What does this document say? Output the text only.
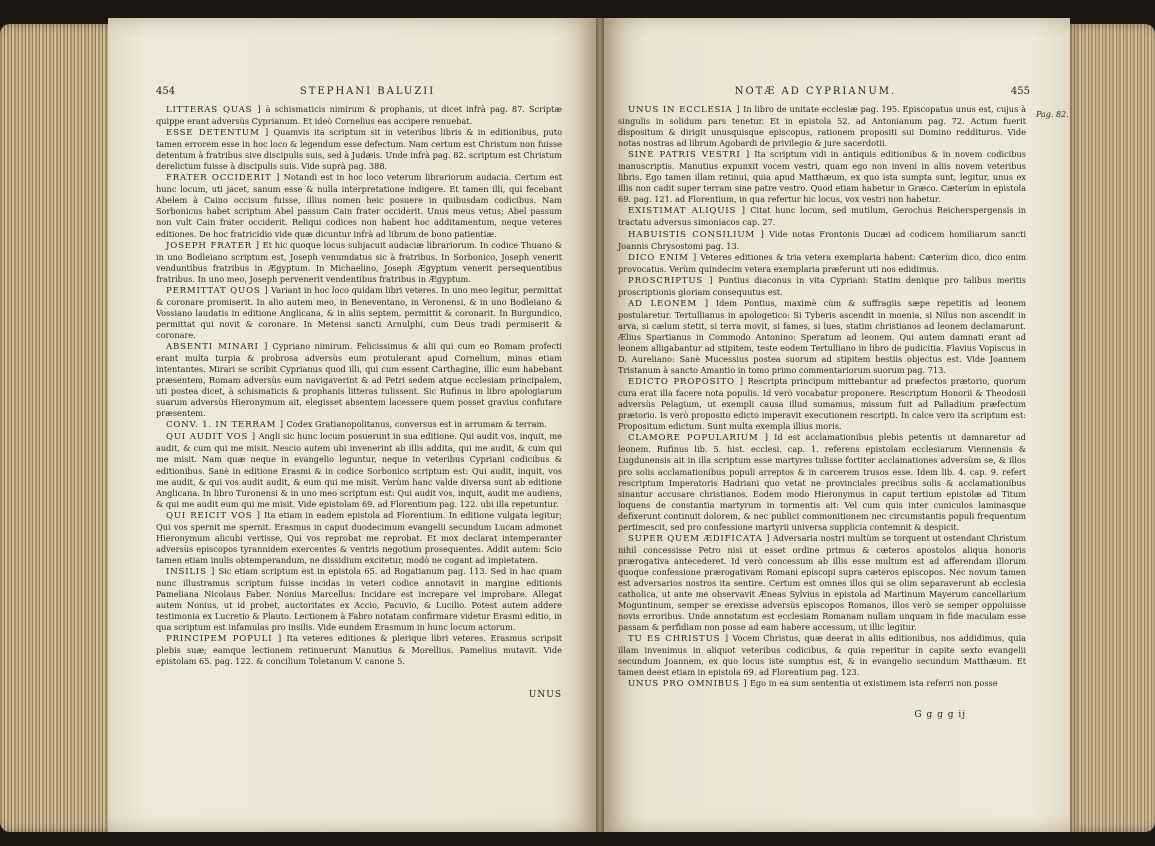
454	STEPHANI BALUZII

LITTERAS QUAS ] à schismaticis nimirum & prophanis, ut dicet infrà pag. 87. Scriptæ quippe erant adversùs Cyprianum. Et ideò Cornelius eas accipere renuebat.

ESSE DETENTUM ] Quamvis ita scriptum sit in veteribus libris & in editionibus, puto tamen errorem esse in hoc loco & legendum esse defectum. Nam certum est Christum non fuisse detentum à fratribus sive discipulis suis, sed à Judæis. Unde infrà pag. 82. scriptum est Christum derelictum fuisse à discipulis suis. Vide suprà pag. 388.

FRATER OCCIDERIT ] Notandi est in hoc loco veterum librariorum audacia. Certum est hunc locum, uti jacet, sanum esse & nulla interpretatione indigere. Et tamen illi, qui fecebant Abelem à Caino occisum fuisse, illius nomen heic posuere in quibusdam codicibus. Nam Sorbonicus habet scriptum Abel passum Cain frater occiderit. Unus meus vetus; Abel passum non vult Cain frater occiderit. Reliqui codices non habent hoc additamentum, neque veteres editiones. De hoc fratricidio vide quæ dicuntur infrà ad librum de bono patientiæ.

JOSEPH FRATER ] Et hic quoque locus subjacuit audaciæ librariorum. In codice Thuano & in uno Bodleiano scriptum est, Joseph venumdatus sic à fratribus. In Sorbonico, Joseph venerit venduntibus fratribus in Ægyptum. In Michaelino, Joseph Ægyptum venerit persequentibus fratribus. In uno meo, Joseph pervenerit vendentibus fratribus in Ægyptum.

PERMITTAT QUOS ] Variant in hoc loco quidam libri veteres. In uno meo legitur, permittat & coronare promiserit. In alio autem meo, in Beneventano, in Veronensi, & in uno Bodleiano & Vossiano laudatis in editione Anglicana, & in aliis septem, permittit & coronarit. In Burgundico, permittat qui novit & coronare. In Metensi sancti Arnulphi, cum Deus tradi permiserit & coronare.

ABSENTI MINARI ] Cypriano nimirum. Felicissimus & alii qui cum eo Romam profecti erant multa turpia & probrosa adversùs eum protulerant apud Cornelium, minas etiam intentantes. Mirari se scribit Cyprianus quod illi, qui cum essent Carthagine, illic eum habebant præsentem, Romam adversùs eum navigaverint & ad Petri sedem atque ecclesiam principalem, uti postea dicet, à schismaticis & prophanis litteras tulissent. Sic Rufinus in libro apologiarum suarum adversùs Hieronymum ait, elegisset absentem lacessere quem posset gravius confutare præsentem.

CONV. 1. IN TERRAM ] Codex Gratianopolitanus, conversus est in arrumam & terram.

QUI AUDIT VOS ] Angli sic hunc locum posuerunt in sua editione. Qui audit vos, inquit, me audit, & cum qui me misit. Nescio autem ubi invenerint ab illis addita, qui me audit, & cum qui me misit. Nam quæ neque in evangelio leguntur, neque in veteribus Cypriani codicibus & editionibus. Sanè in editione Erasmi & in codice Sorbonico scriptum est: Qui audit, inquit, vos me audit, & qui vos audit audit, & eum qui me misit. Verùm hanc valde diversa sunt ab editione Anglicana. In libro Turonensi & in uno meo scriptum est: Qui audit vos, inquit, audit me audiens, & qui me audit eum qui me misit. Vide epistolam 69. ad Florentium pag. 122. ubi illa repetuntur.

QUI REICIT VOS ] Ita etiam in eadem epistola ad Florentium. In editione vulgata legitur; Qui vos spernit me spernit. Erasmus in caput duodecimum evangelii secundum Lucam admonet Hieronymum alicubi vertisse, Qui vos reprobat me reprobat. Et mox declarat intemperanter adversùs episcopos tyrannidem exercentes & ventris negotium prosequentes. Addit autem: Scio tamen etiam inulis obtemperandum, ne dissidium excitetur, modò ne cogant ad impietatem.

INSILIS ] Sic etiam scriptum est in epistola 65. ad Rogatianum pag. 113. Sed in hac quam nunc illustramus scriptum fuisse incidas in veteri codice annotavit in margine editionis Pameliana Nicolaus Faber. Nonius Marcellus: Incidare est increpare vel improbare. Allegat autem Nonius, ut id probet, auctoritates ex Accio, Pacuvio, & Lucilio. Potest autem addere testimonia ex Lucretio & Plauto. Lectionem à Fabro notatam confirmare videtur Erasmi editio, in qua scriptum est infamulas pro insilis. Vide eundem Erasmum in hunc locum actorum.

PRINCIPEM POPULI ] Ita veteres editiones & plerique libri veteres. Erasmus scripsit plebis suæ; eamque lectionem retinuerunt Manutius & Morellius. Pamelius mutavit. Vide epistolam 65. pag. 122. & concilium Toletanum V. canone 5.

UNUS
NOTÆ AD CYPRIANUM.	455
Pag. 82.

UNUS IN ECCLESIA ] In libro de unitate ecclesiæ pag. 195. Episcopatus unus est, cujus à singulis in solidum pars tenetur. Et in epistola 52. ad Antonianum pag. 72. Actum fuerit dispositum & dirigit unusquisque episcopus, rationem propositi sui Domino redditurus. Vide notas nostras ad librum Agobardi de privilegio & jure sacerdotii.

SINE PATRIS VESTRI ] Ita scriptum vidi in antiquis editionibus & in novem codicibus manuscriptis. Manutius expunxit vocem vestri, quam ego non inveni in aliis novem veteribus libris. Ego tamen illam retinui, quia apud Matthæum, ex quo ista sumpta sunt, legitur, unus ex illis non cadit super terram sine patre vestro. Quod etiam habetur in Græco. Cæterùm in epistola 69. pag. 121. ad Florentium, in qua refertur hic locus, vox vestri non habetur.

EXISTIMAT ALIQUIS ] Citat hunc locum, sed mutilum, Gerochus Reicherspergensis in tractatu adversus simoniacos cap. 27.

HABUISTIS CONSILIUM ] Vide notas Frontonis Ducæi ad codicem homiliarum sancti Joannis Chrysostomi pag. 13.

DICO ENIM ] Veteres editiones & tria vetera exemplaria habent: Cæterùm dico, dico enim provocatus. Verùm quindecim vetera exemplaria præferunt uti nos edidimus.

PROSCRIPTUS ] Pontius diaconus in vita Cypriani: Statim denique pro talibus meritis proscriptionis gloriam consequutus est.

AD LEONEM ] Idem Pontius, maximè cùm & suffragiis sæpe repetitis ad leonem postularetur. Tertullianus in apologetico: Si Tyberis ascendit in moenia, si Nilus non ascendit in arva, si cælum stetit, si terra movit, si fames, si lues, statim christianos ad leonem declamarunt. Ælius Spartianus in Commodo Antonino: Speratum ad leonem. Qui autem damnati erant ad leonem alligabantur ad stipitem, teste eodem Tertulliano in libro de pudicitia. Flavius Vopiscus in D. Aureliano: Sanè Mucessius postea suorum ad stipitem bestiis objectus est. Vide Joannem Tristanum à sancto Amantio in tomo primo commentariorum suorum pag. 713.

EDICTO PROPOSITO ] Rescripta principum mittebantur ad præfectos prætorio, quorum cura erat illa facere nota populis. Id verò vocabatur proponere. Rescriptum Honorii & Theodosii adversùs Pelagium, ut exempli causa illud sumamus, missum fuit ad Palladium præfectum prætorio. Is verò proposito edicto imperavit executionem rescripti. In calce vero ita scriptum est: Propositum edictum. Sunt multa exempla illius moris.

CLAMORE POPULARIUM ] Id est acclamationibus plebis petentis ut damnaretur ad leonem. Rufinus lib. 5. hist. ecclesi. cap. 1. referens epistolam ecclesiarum Viennensis & Lugdunensis ait in illa scriptum esse martyres tulisse fortiter acclamationes adversùm se, & illos pro solis acclamationibus populi arreptos & in carcerem trusos esse. Idem lib. 4. cap. 9. refert rescriptum Imperatoris Hadriani quo vetat ne provinciales precibus solis & acclamationibus sinantur accusare christianos. Eodem modo Hieronymus in caput tertium epistolæ ad Titum loquens de constantia martyrum in tormentis ait: Vel cum quis inter cuniculos laminasque defixerunt continuit dolorem, & nec publici commonitionem nec circumstantis populi frequentum pertimescit, sed pro confessione martyrii universa supplicia contemnit & despicit.

SUPER QUEM ÆDIFICATA ] Adversaria nostri multùm se torquent ut ostendant Christum nihil concessisse Petro nisi ut esset ordine primus & cæteros apostolos aliqua honoris prærogativa antecederet. Id verò concessum ab illis esse multum est ad afferendam illorum quoque confessione prærogativam Romani episcopi supra cæteros episcopos. Nec novum tamen est adversarios nostros ita sentire. Certum est omnes illos qui se olim separaverunt ab ecclesia catholica, ut ante me observavit Æneas Sylvius in epistola ad Martinum Mayerum cancellarium Moguntinum, semper se erexisse adversùs episcopos Romanos, illos verò se semper oppoluisse novis erroribus. Unde annotatum est ecclesiam Romanam nullam unquam in fide maculam esse passam & perfidiam non posse ad eam habere accessum, ut illic legitur.

TU ES CHRISTUS ] Vocem Christus, quæ deerat in aliis editionibus, nos addidimus, quia illam invenimus in aliquot veteribus codicibus, & quia reperitur in capite sexto evangelii secundum Joannem, ex quo locus iste sumptus est, & in evangelio secundum Matthæum. Et tamen deest etiam in epistola 69. ad Florentium pag. 123.

UNUS PRO OMNIBUS ] Ego in ea sum sententia ut existimem ista referri non posse

G g g g ij
